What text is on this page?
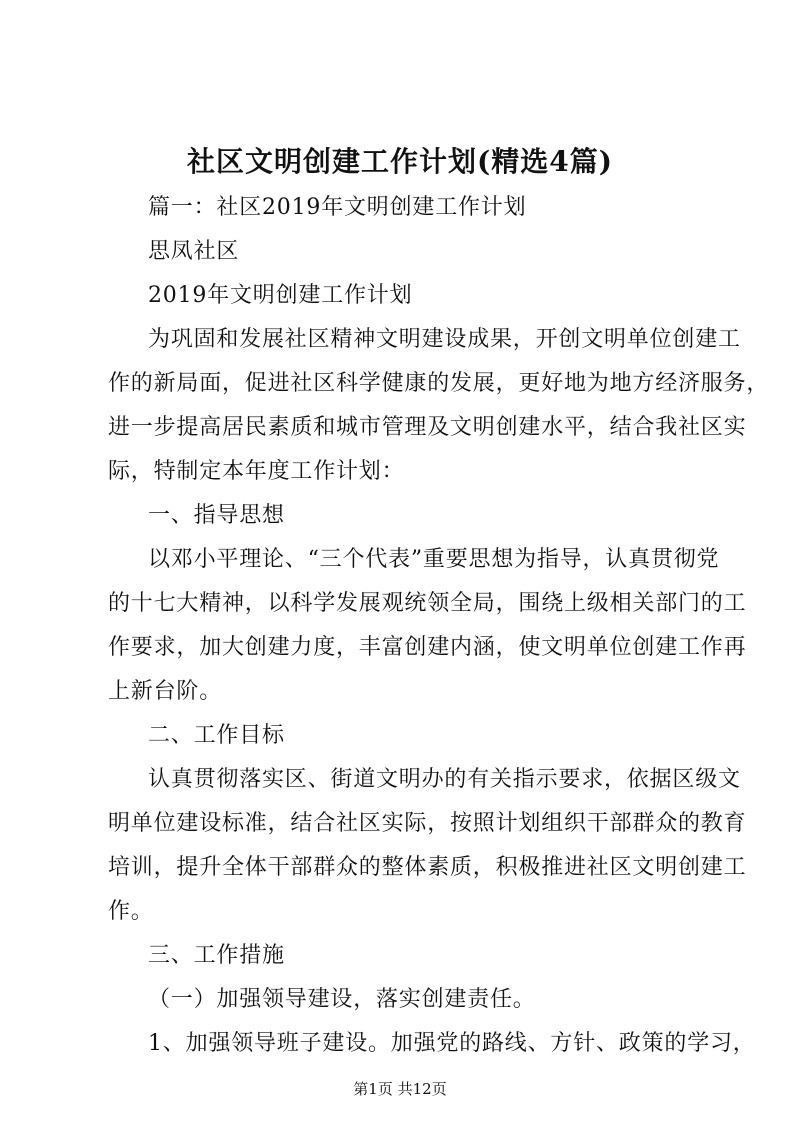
社区文明创建工作计划(精选4篇)
篇一：社区2019年文明创建工作计划
思凤社区
2019年文明创建工作计划
为巩固和发展社区精神文明建设成果，开创文明单位创建工
作的新局面，促进社区科学健康的发展，更好地为地方经济服务，
进一步提高居民素质和城市管理及文明创建水平，结合我社区实
际，特制定本年度工作计划：
一、指导思想
以邓小平理论、“三个代表”重要思想为指导，认真贯彻党
的十七大精神，以科学发展观统领全局，围绕上级相关部门的工
作要求，加大创建力度，丰富创建内涵，使文明单位创建工作再
上新台阶。
二、工作目标
认真贯彻落实区、街道文明办的有关指示要求，依据区级文
明单位建设标准，结合社区实际，按照计划组织干部群众的教育
培训，提升全体干部群众的整体素质，积极推进社区文明创建工
作。
三、工作措施
（一）加强领导建设，落实创建责任。
1、加强领导班子建设。加强党的路线、方针、政策的学习，
第1页 共12页
